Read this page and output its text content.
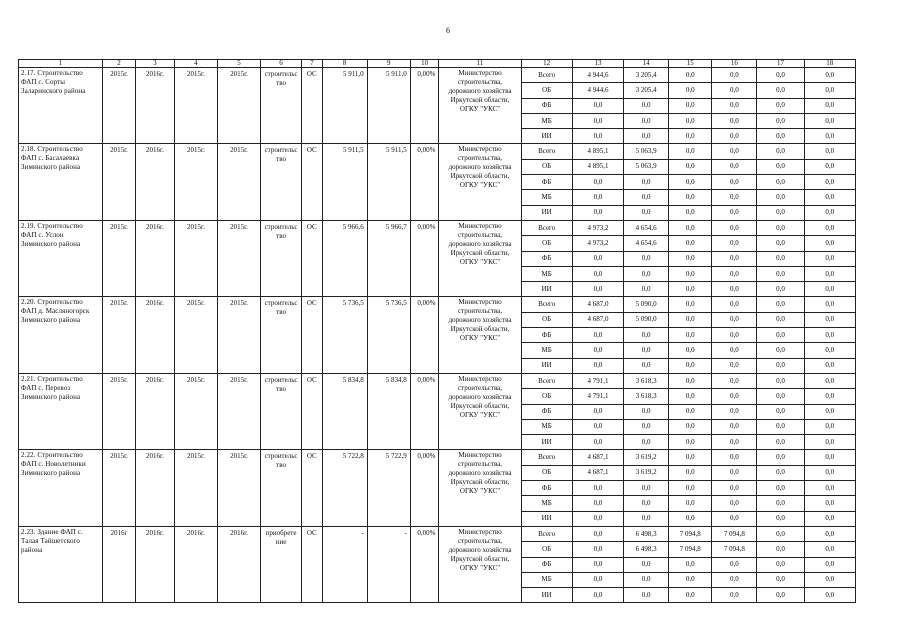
6
1	2	3	4	5	6	7	8	9	10	11	12	13	14	15	16	17	18
2.17. Строительство ФАП с. Сорты Заларинского района	2015г.	2016г.	2015г.	2015г.	строительс тво	ОС	5 911,0	5 911,0	0,00%	Министерство строительства, дорожного хозяйства Иркутской области, ОГКУ "УКС"	Всего	4 944,6	3 205,4	0,0	0,0	0,0	0,0
											ОБ	4 944,6	3 205,4	0,0	0,0	0,0	0,0
											ФБ	0,0	0,0	0,0	0,0	0,0	0,0
											МБ	0,0	0,0	0,0	0,0	0,0	0,0
											ИИ	0,0	0,0	0,0	0,0	0,0	0,0
2.18. Строительство ФАП с. Басалаевка Зиминского района	2015г.	2016г.	2015г.	2015г.	строительс тво	ОС	5 911,5	5 911,5	0,00%	Министерство строительства, дорожного хозяйства Иркутской области, ОГКУ "УКС"	Всего	4 895,1	5 063,9	0,0	0,0	0,0	0,0
											ОБ	4 895,1	5 063,9	0,0	0,0	0,0	0,0
											ФБ	0,0	0,0	0,0	0,0	0,0	0,0
											МБ	0,0	0,0	0,0	0,0	0,0	0,0
											ИИ	0,0	0,0	0,0	0,0	0,0	0,0
2.19. Строительство ФАП с. Услон Зиминского района	2015г.	2016г.	2015г.	2015г.	строительс тво	ОС	5 966,6	5 966,7	0,00%	Министерство строительства, дорожного хозяйства Иркутской области, ОГКУ "УКС"	Всего	4 973,2	4 654,6	0,0	0,0	0,0	0,0
											ОБ	4 973,2	4 654,6	0,0	0,0	0,0	0,0
											ФБ	0,0	0,0	0,0	0,0	0,0	0,0
											МБ	0,0	0,0	0,0	0,0	0,0	0,0
											ИИ	0,0	0,0	0,0	0,0	0,0	0,0
2.20. Строительство ФАП д. Масляногорск Зиминского района	2015г.	2016г.	2015г.	2015г.	строительс тво	ОС	5 736,5	5 736,5	0,00%	Министерство строительства, дорожного хозяйства Иркутской области, ОГКУ "УКС"	Всего	4 687,0	5 090,0	0,0	0,0	0,0	0,0
											ОБ	4 687,0	5 090,0	0,0	0,0	0,0	0,0
											ФБ	0,0	0,0	0,0	0,0	0,0	0,0
											МБ	0,0	0,0	0,0	0,0	0,0	0,0
											ИИ	0,0	0,0	0,0	0,0	0,0	0,0
2.21. Строительство ФАП с. Перевоз Зиминского района	2015г.	2016г.	2015г.	2015г.	строительс тво	ОС	5 834,8	5 834,8	0,00%	Министерство строительства, дорожного хозяйства Иркутской области, ОГКУ "УКС"	Всего	4 791,1	3 618,3	0,0	0,0	0,0	0,0
											ОБ	4 791,1	3 618,3	0,0	0,0	0,0	0,0
											ФБ	0,0	0,0	0,0	0,0	0,0	0,0
											МБ	0,0	0,0	0,0	0,0	0,0	0,0
											ИИ	0,0	0,0	0,0	0,0	0,0	0,0
2.22. Строительство ФАП с. Новолетники Зиминского района	2015г.	2016г.	2015г.	2015г.	строительс тво	ОС	5 722,8	5 722,9	0,00%	Министерство строительства, дорожного хозяйства Иркутской области, ОГКУ "УКС"	Всего	4 687,1	3 619,2	0,0	0,0	0,0	0,0
											ОБ	4 687,1	3 619,2	0,0	0,0	0,0	0,0
											ФБ	0,0	0,0	0,0	0,0	0,0	0,0
											МБ	0,0	0,0	0,0	0,0	0,0	0,0
											ИИ	0,0	0,0	0,0	0,0	0,0	0,0
2.23. Здание ФАП с. Талая Тайшетского района	2016г	2016г.	2016г.	2016г.	приобрете ние	ОС	-	-	0,00%	Министерство строительства, дорожного хозяйства Иркутской области, ОГКУ "УКС"	Всего	0,0	6 498,3	7 094,8	7 094,8	0,0	0,0
											ОБ	0,0	6 498,3	7 094,8	7 094,8	0,0	0,0
											ФБ	0,0	0,0	0,0	0,0	0,0	0,0
											МБ	0,0	0,0	0,0	0,0	0,0	0,0
											ИИ	0,0	0,0	0,0	0,0	0,0	0,0
